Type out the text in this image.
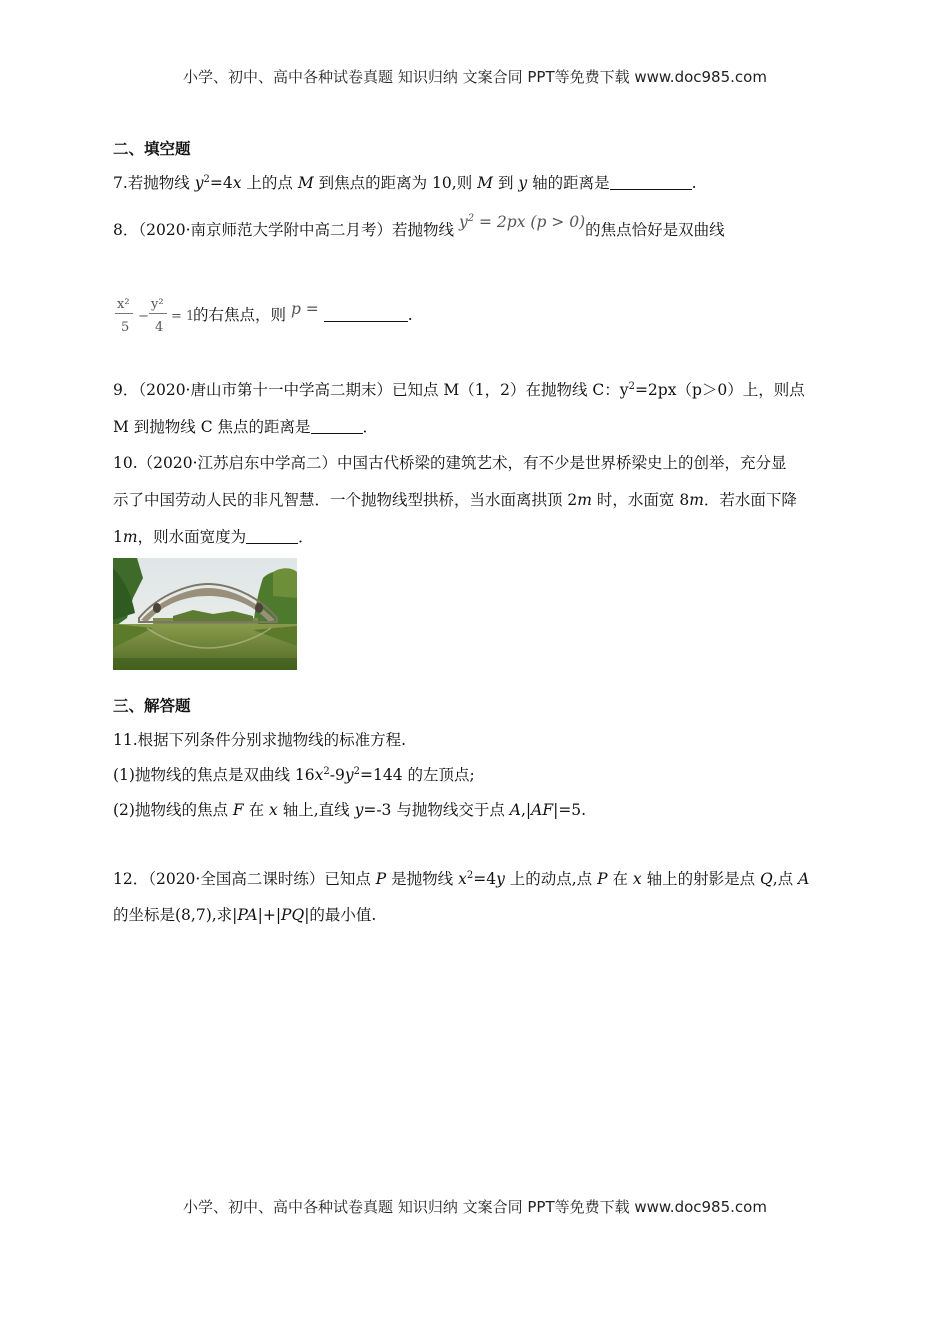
小学、初中、高中各种试卷真题 知识归纳 文案合同 PPT等免费下载 www.doc985.com
二、填空题
7.若抛物线 $y^2=4x$ 上的点 M 到焦点的距离为 10,则 M 到 y 轴的距离是	.
8．（2020·南京师范大学附中高二月考）若抛物线 $y^2 = 2px$ (p > 0)的焦点恰好是双曲线
x²
5
−
y²
4
= 1
的右焦点，则 p =	.
9．（2020·唐山市第十一中学高二期末）已知点 M（1，2）在抛物线 C：$y^2=2px(p>0)$上，则点
M 到抛物线 C 焦点的距离是	．
10.（2020·江苏启东中学高二）中国古代桥梁的建筑艺术，有不少是世界桥梁史上的创举，充分显
示了中国劳动人民的非凡智慧．一个抛物线型拱桥，当水面离拱顶 2m 时，水面宽 8m．若水面下降
1m，则水面宽度为	．
三、解答题
11.根据下列条件分别求抛物线的标准方程.
(1)抛物线的焦点是双曲线 $16x^2-9y^2=144$ 的左顶点;
(2)抛物线的焦点 F 在 x 轴上,直线 y=-3 与抛物线交于点 A,|AF|=5.
12．（2020·全国高二课时练）已知点 P 是抛物线 $x^2=4y$ 上的动点,点 P 在 x 轴上的射影是点 Q,点 A
的坐标是(8,7),求|PA|+|PQ|的最小值.
小学、初中、高中各种试卷真题 知识归纳 文案合同 PPT等免费下载 www.doc985.com
